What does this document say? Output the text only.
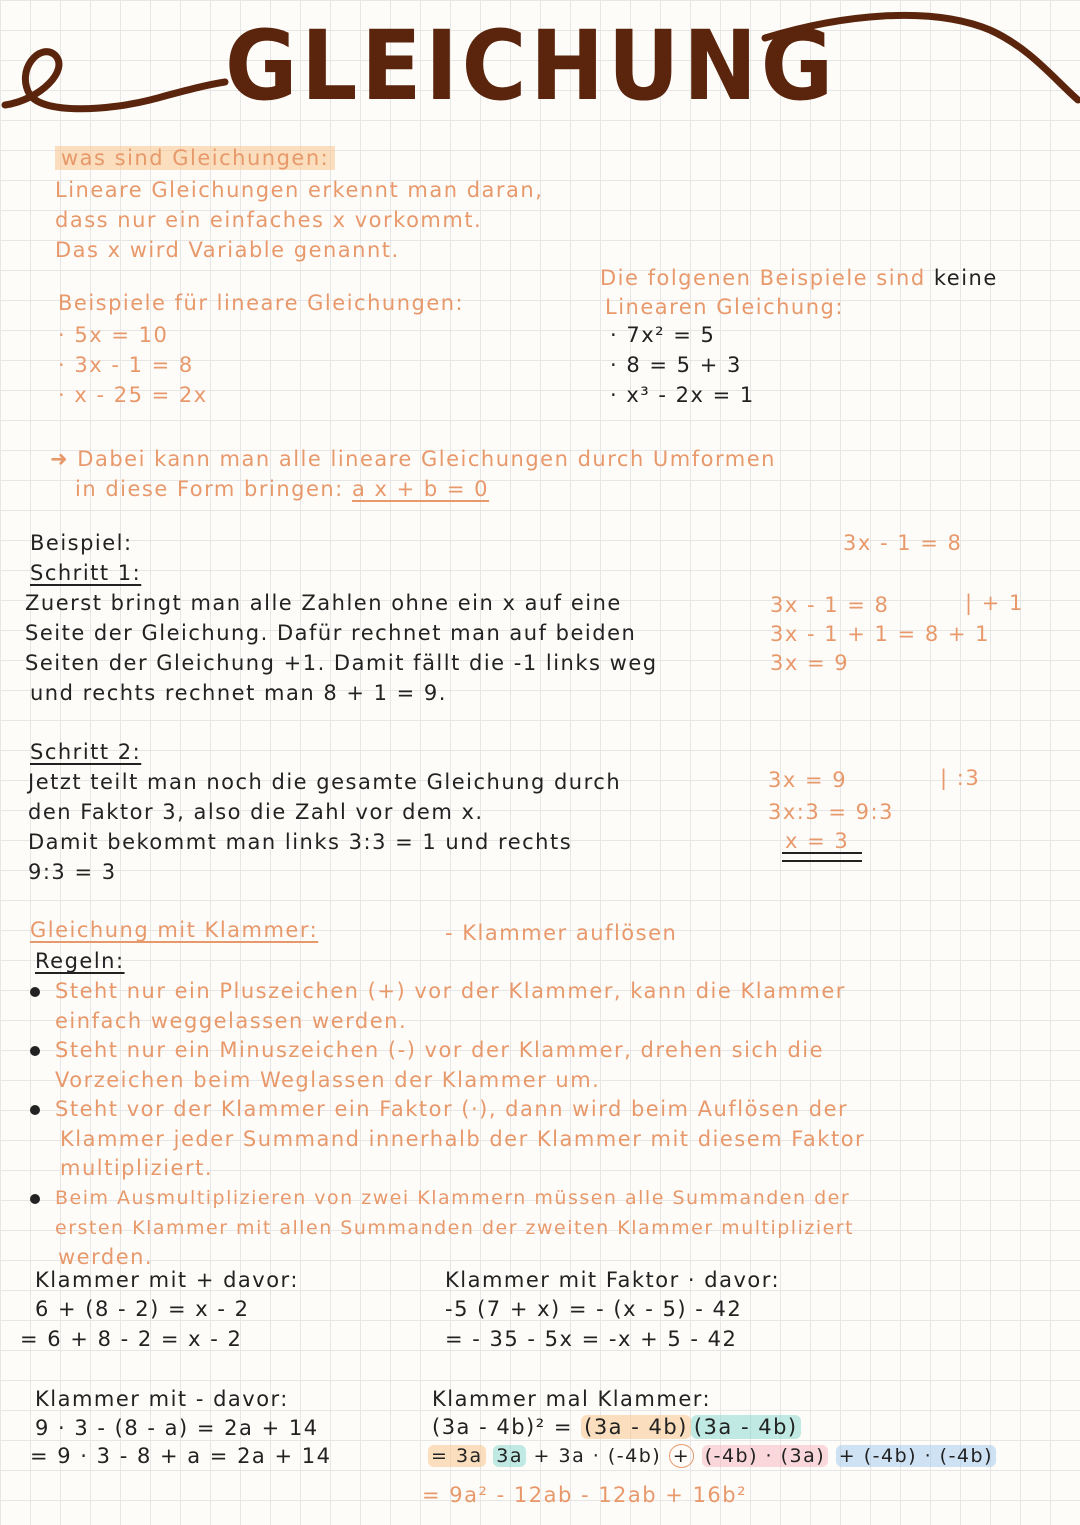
GLEICHUNG
was sind Gleichungen:
Lineare Gleichungen erkennt man daran,
dass nur ein einfaches x vorkommt.
Das x wird Variable genannt.
Beispiele für lineare Gleichungen:
· 5x = 10
· 3x - 1 = 8
· x - 25 = 2x
Die folgenen Beispiele sind keine
Linearen Gleichung:
· 7x² = 5
· 8 = 5 + 3
· x³ - 2x = 1
➜ Dabei kann man alle lineare Gleichungen durch Umformen
in diese Form bringen: a x + b = 0
Beispiel:	3x - 1 = 8
Schritt 1:
Zuerst bringt man alle Zahlen ohne ein x auf eine
Seite der Gleichung. Dafür rechnet man auf beiden
Seiten der Gleichung +1. Damit fällt die -1 links weg
und rechts rechnet man 8 + 1 = 9.
3x - 1 = 8
3x - 1 + 1 = 8 + 1
3x = 9
| + 1
Schritt 2:
Jetzt teilt man noch die gesamte Gleichung durch
den Faktor 3, also die Zahl vor dem x.
Damit bekommt man links 3:3 = 1 und rechts
9:3 = 3
3x = 9
3x:3 = 9:3
x = 3
| :3
Gleichung mit Klammer:	- Klammer auflösen
Regeln:
Steht nur ein Pluszeichen (+) vor der Klammer, kann die Klammer
einfach weggelassen werden.
Steht nur ein Minuszeichen (-) vor der Klammer, drehen sich die
Vorzeichen beim Weglassen der Klammer um.
Steht vor der Klammer ein Faktor (·), dann wird beim Auflösen der
Klammer jeder Summand innerhalb der Klammer mit diesem Faktor
multipliziert.
Beim Ausmultiplizieren von zwei Klammern müssen alle Summanden der
ersten Klammer mit allen Summanden der zweiten Klammer multipliziert
werden.
Klammer mit + davor:
6 + (8 - 2) = x - 2
= 6 + 8 - 2 = x - 2
Klammer mit Faktor · davor:
-5 (7 + x) = - (x - 5) - 42
= - 35 - 5x = -x + 5 - 42
Klammer mit - davor:
9 · 3 - (8 - a) = 2a + 14
= 9 · 3 - 8 + a = 2a + 14
Klammer mal Klammer:
(3a - 4b)² = (3a - 4b) (3a - 4b)
= 3a 3a + 3a · (-4b) + (-4b) · (3a) + (-4b) · (-4b)
= 9a² - 12ab - 12ab + 16b²
